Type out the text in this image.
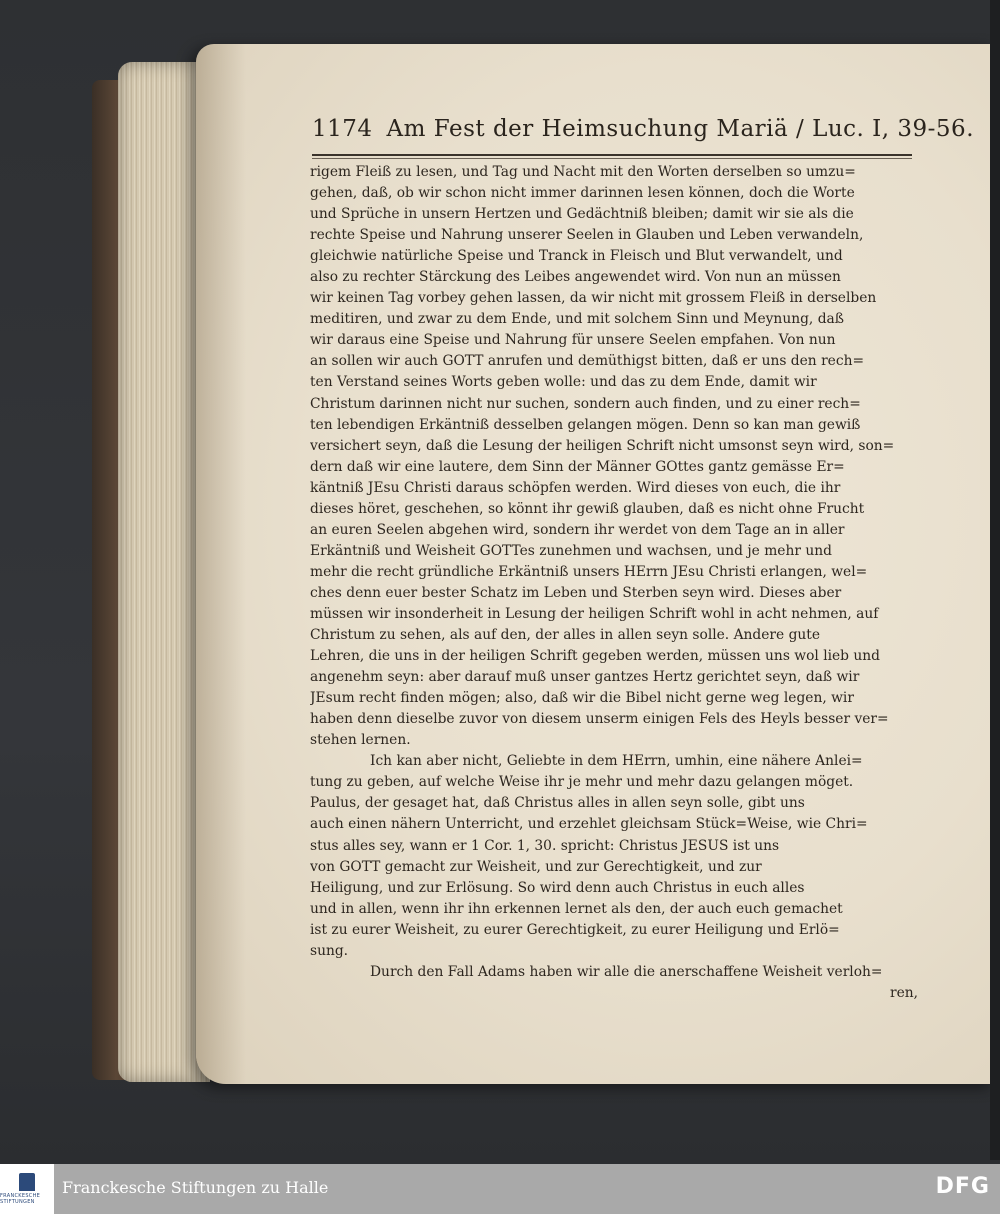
1174 Am Fest der Heimsuchung Mariä / Luc. I, 39-56.
rigem Fleiß zu lesen, und Tag und Nacht mit den Worten derselben so umzu=
gehen, daß, ob wir schon nicht immer darinnen lesen können, doch die Worte
und Sprüche in unsern Hertzen und Gedächtniß bleiben; damit wir sie als die
rechte Speise und Nahrung unserer Seelen in Glauben und Leben verwandeln,
gleichwie natürliche Speise und Tranck in Fleisch und Blut verwandelt, und
also zu rechter Stärckung des Leibes angewendet wird. Von nun an müssen
wir keinen Tag vorbey gehen lassen, da wir nicht mit grossem Fleiß in derselben
meditiren, und zwar zu dem Ende, und mit solchem Sinn und Meynung, daß
wir daraus eine Speise und Nahrung für unsere Seelen empfahen. Von nun
an sollen wir auch GOTT anrufen und demüthigst bitten, daß er uns den rech=
ten Verstand seines Worts geben wolle: und das zu dem Ende, damit wir
Christum darinnen nicht nur suchen, sondern auch finden, und zu einer rech=
ten lebendigen Erkäntniß desselben gelangen mögen. Denn so kan man gewiß
versichert seyn, daß die Lesung der heiligen Schrift nicht umsonst seyn wird, son=
dern daß wir eine lautere, dem Sinn der Männer GOttes gantz gemässe Er=
käntniß JEsu Christi daraus schöpfen werden. Wird dieses von euch, die ihr
dieses höret, geschehen, so könnt ihr gewiß glauben, daß es nicht ohne Frucht
an euren Seelen abgehen wird, sondern ihr werdet von dem Tage an in aller
Erkäntniß und Weisheit GOTTes zunehmen und wachsen, und je mehr und
mehr die recht gründliche Erkäntniß unsers HErrn JEsu Christi erlangen, wel=
ches denn euer bester Schatz im Leben und Sterben seyn wird. Dieses aber
müssen wir insonderheit in Lesung der heiligen Schrift wohl in acht nehmen, auf
Christum zu sehen, als auf den, der alles in allen seyn solle. Andere gute
Lehren, die uns in der heiligen Schrift gegeben werden, müssen uns wol lieb und
angenehm seyn: aber darauf muß unser gantzes Hertz gerichtet seyn, daß wir
JEsum recht finden mögen; also, daß wir die Bibel nicht gerne weg legen, wir
haben denn dieselbe zuvor von diesem unserm einigen Fels des Heyls besser ver=
stehen lernen.
Ich kan aber nicht, Geliebte in dem HErrn, umhin, eine nähere Anlei=
tung zu geben, auf welche Weise ihr je mehr und mehr dazu gelangen möget.
Paulus, der gesaget hat, daß Christus alles in allen seyn solle, gibt uns
auch einen nähern Unterricht, und erzehlet gleichsam Stück=Weise, wie Chri=
stus alles sey, wann er 1 Cor. 1, 30. spricht: Christus JESUS ist uns
von GOTT gemacht zur Weisheit, und zur Gerechtigkeit, und zur
Heiligung, und zur Erlösung. So wird denn auch Christus in euch alles
und in allen, wenn ihr ihn erkennen lernet als den, der auch euch gemachet
ist zu eurer Weisheit, zu eurer Gerechtigkeit, zu eurer Heiligung und Erlö=
sung.
Durch den Fall Adams haben wir alle die anerschaffene Weisheit verloh=
ren,
FRANCKESCHE STIFTUNGEN
Franckesche Stiftungen zu Halle	DFG
